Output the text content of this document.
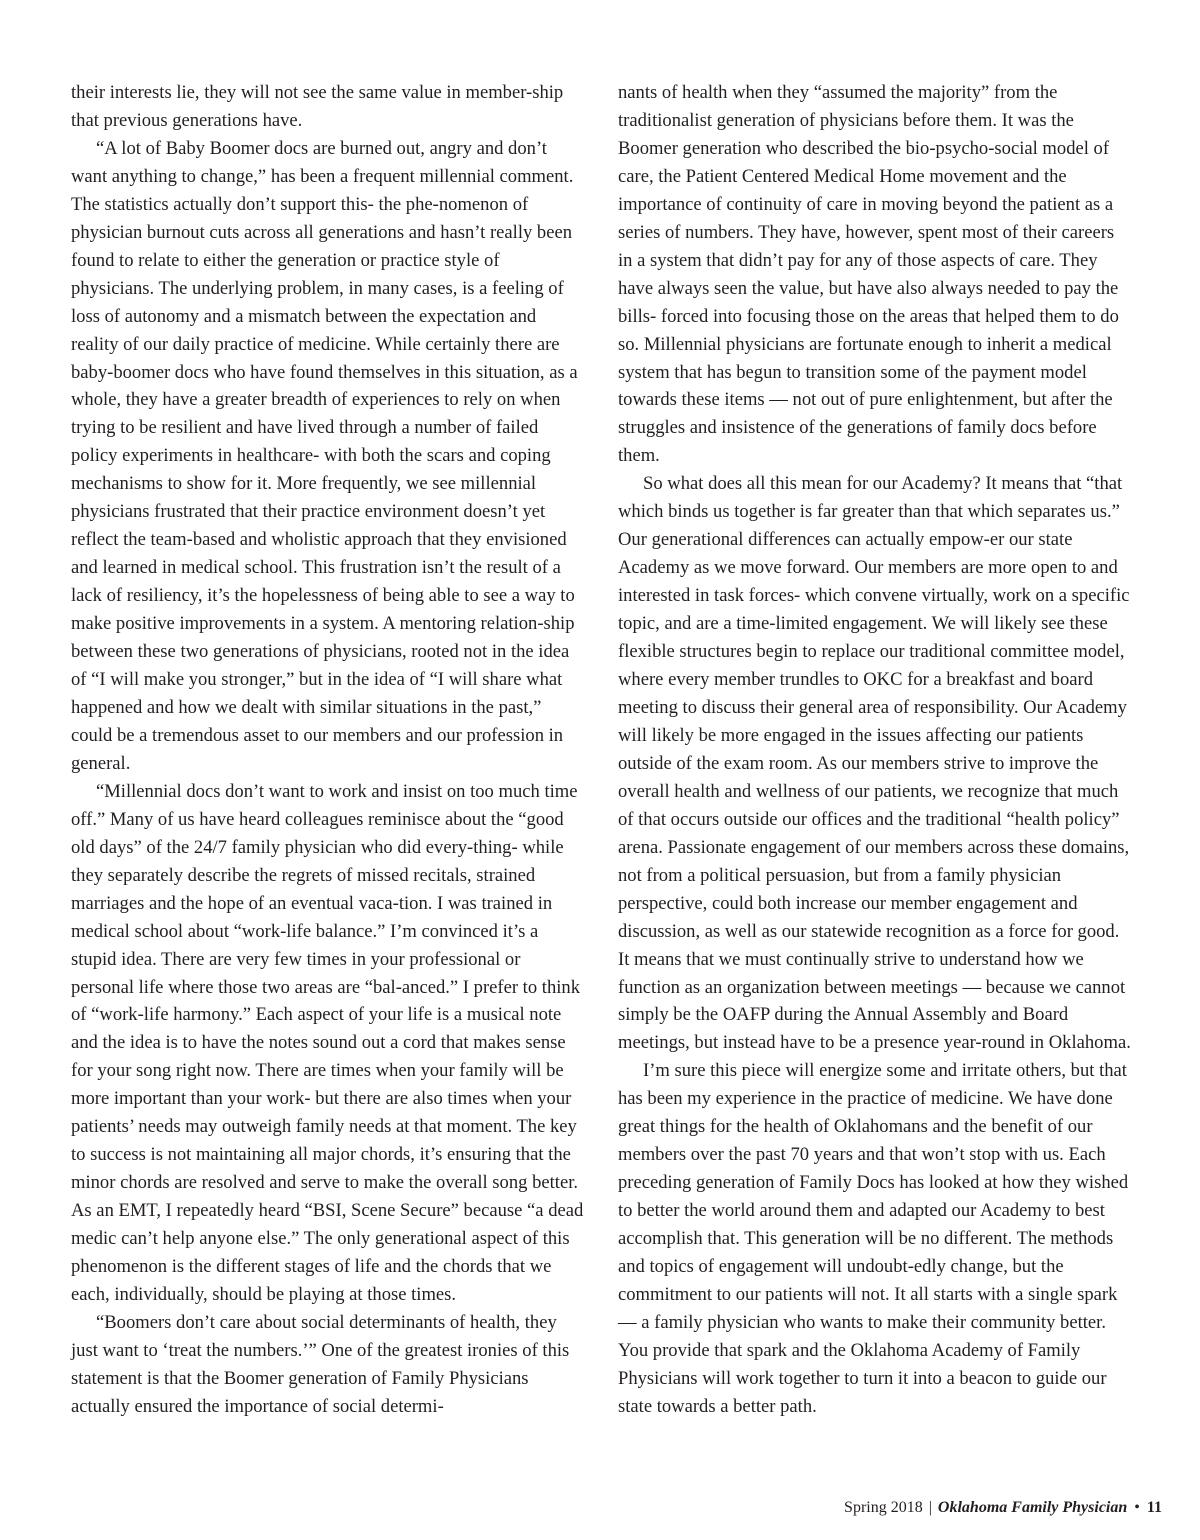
their interests lie, they will not see the same value in member-ship that previous generations have.

“A lot of Baby Boomer docs are burned out, angry and don’t want anything to change,” has been a frequent millennial comment. The statistics actually don’t support this- the phe-nomenon of physician burnout cuts across all generations and hasn’t really been found to relate to either the generation or practice style of physicians. The underlying problem, in many cases, is a feeling of loss of autonomy and a mismatch between the expectation and reality of our daily practice of medicine. While certainly there are baby-boomer docs who have found themselves in this situation, as a whole, they have a greater breadth of experiences to rely on when trying to be resilient and have lived through a number of failed policy experiments in healthcare- with both the scars and coping mechanisms to show for it. More frequently, we see millennial physicians frustrated that their practice environment doesn’t yet reflect the team-based and wholistic approach that they envisioned and learned in medical school. This frustration isn’t the result of a lack of resiliency, it’s the hopelessness of being able to see a way to make positive improvements in a system. A mentoring relation-ship between these two generations of physicians, rooted not in the idea of “I will make you stronger,” but in the idea of “I will share what happened and how we dealt with similar situations in the past,” could be a tremendous asset to our members and our profession in general.

“Millennial docs don’t want to work and insist on too much time off.” Many of us have heard colleagues reminisce about the “good old days” of the 24/7 family physician who did every-thing- while they separately describe the regrets of missed recitals, strained marriages and the hope of an eventual vaca-tion. I was trained in medical school about “work-life balance.” I’m convinced it’s a stupid idea. There are very few times in your professional or personal life where those two areas are “bal-anced.” I prefer to think of “work-life harmony.” Each aspect of your life is a musical note and the idea is to have the notes sound out a cord that makes sense for your song right now. There are times when your family will be more important than your work- but there are also times when your patients’ needs may outweigh family needs at that moment. The key to success is not maintaining all major chords, it’s ensuring that the minor chords are resolved and serve to make the overall song better. As an EMT, I repeatedly heard “BSI, Scene Secure” because “a dead medic can’t help anyone else.” The only generational aspect of this phenomenon is the different stages of life and the chords that we each, individually, should be playing at those times.

“Boomers don’t care about social determinants of health, they just want to ‘treat the numbers.’” One of the greatest ironies of this statement is that the Boomer generation of Family Physicians actually ensured the importance of social determi-

nants of health when they “assumed the majority” from the traditionalist generation of physicians before them. It was the Boomer generation who described the bio-psycho-social model of care, the Patient Centered Medical Home movement and the importance of continuity of care in moving beyond the patient as a series of numbers. They have, however, spent most of their careers in a system that didn’t pay for any of those aspects of care. They have always seen the value, but have also always needed to pay the bills- forced into focusing those on the areas that helped them to do so. Millennial physicians are fortunate enough to inherit a medical system that has begun to transition some of the payment model towards these items — not out of pure enlightenment, but after the struggles and insistence of the generations of family docs before them.

So what does all this mean for our Academy? It means that “that which binds us together is far greater than that which separates us.” Our generational differences can actually empow-er our state Academy as we move forward. Our members are more open to and interested in task forces- which convene virtually, work on a specific topic, and are a time-limited engagement. We will likely see these flexible structures begin to replace our traditional committee model, where every member trundles to OKC for a breakfast and board meeting to discuss their general area of responsibility. Our Academy will likely be more engaged in the issues affecting our patients outside of the exam room. As our members strive to improve the overall health and wellness of our patients, we recognize that much of that occurs outside our offices and the traditional “health policy” arena. Passionate engagement of our members across these domains, not from a political persuasion, but from a family physician perspective, could both increase our member engagement and discussion, as well as our statewide recognition as a force for good. It means that we must continually strive to understand how we function as an organization between meetings — because we cannot simply be the OAFP during the Annual Assembly and Board meetings, but instead have to be a presence year-round in Oklahoma.

I’m sure this piece will energize some and irritate others, but that has been my experience in the practice of medicine. We have done great things for the health of Oklahomans and the benefit of our members over the past 70 years and that won’t stop with us. Each preceding generation of Family Docs has looked at how they wished to better the world around them and adapted our Academy to best accomplish that. This generation will be no different. The methods and topics of engagement will undoubt-edly change, but the commitment to our patients will not. It all starts with a single spark — a family physician who wants to make their community better. You provide that spark and the Oklahoma Academy of Family Physicians will work together to turn it into a beacon to guide our state towards a better path.

Spring 2018 | Oklahoma Family Physician • 11
